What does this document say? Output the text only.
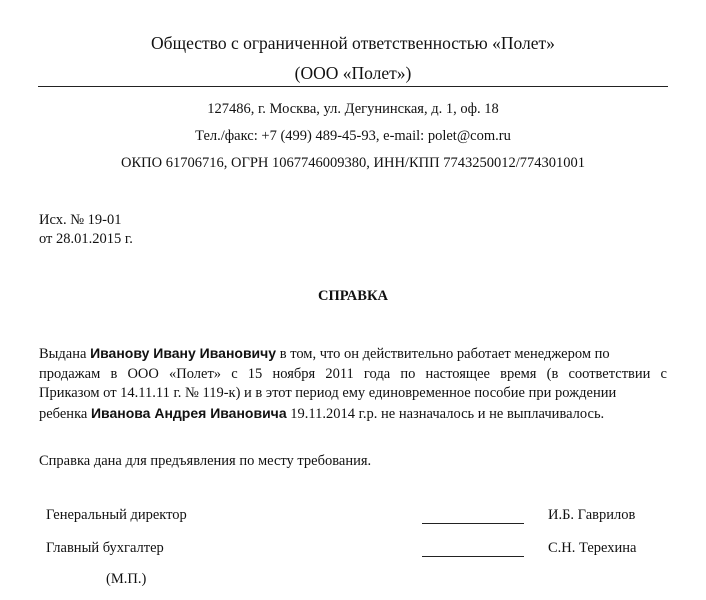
Общество с ограниченной ответственностью «Полет»
(ООО «Полет»)
127486, г. Москва, ул. Дегунинская, д. 1, оф. 18
Тел./факс: +7 (499) 489-45-93, e-mail: polet@com.ru
ОКПО 61706716, ОГРН 1067746009380, ИНН/КПП 7743250012/774301001
Исх. № 19-01
от 28.01.2015 г.
СПРАВКА
Выдана Иванову Ивану Ивановичу в том, что он действительно работает менеджером по
продажам в ООО «Полет» с 15 ноября 2011 года по настоящее время (в соответствии с
Приказом от 14.11.11 г. № 119-к) и в этот период ему единовременное пособие при рождении
ребенка Иванова Андрея Ивановича 19.11.2014 г.р. не назначалось и не выплачивалось.
Справка дана для предъявления по месту требования.
Генеральный директор	И.Б. Гаврилов
Главный бухгалтер	С.Н. Терехина
(М.П.)
